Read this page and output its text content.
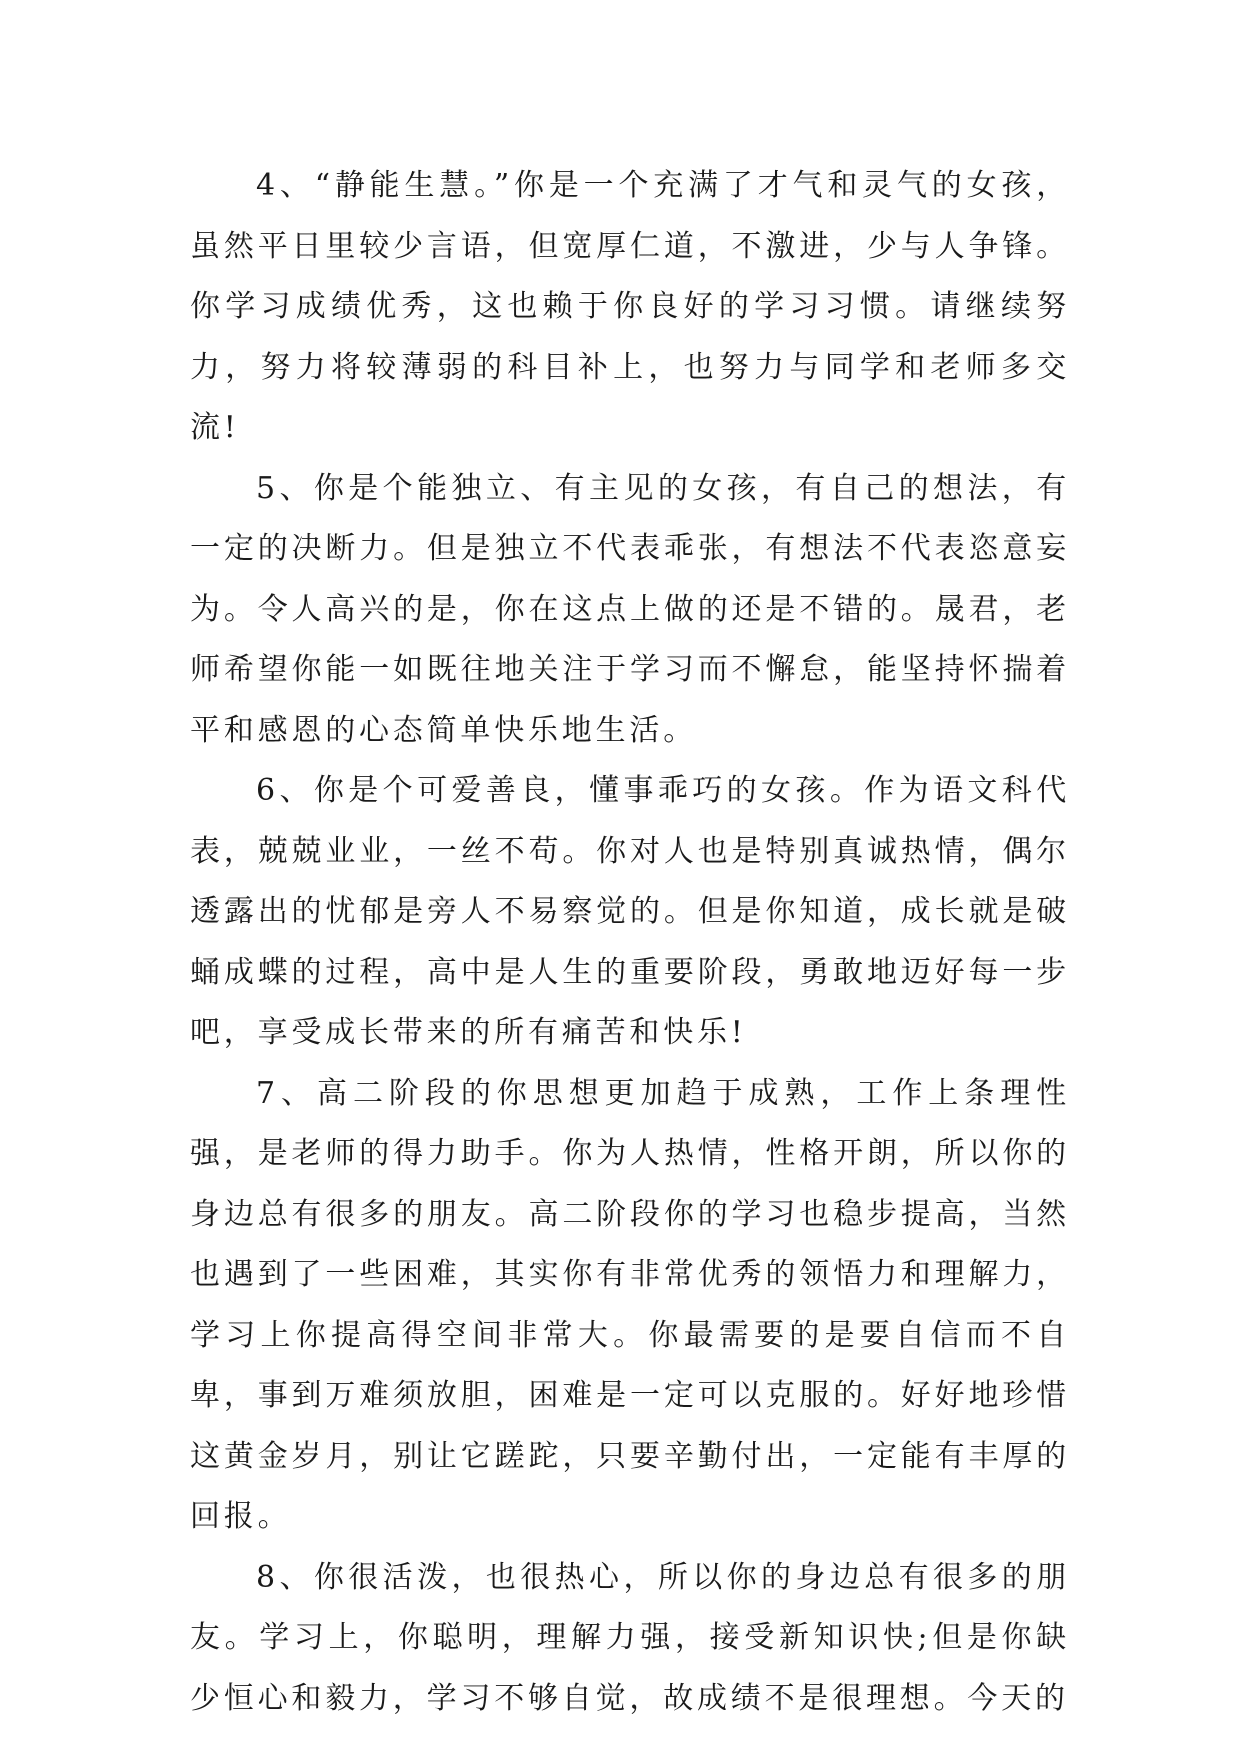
4、“静能生慧。”你是一个充满了才气和灵气的女孩，虽然平日里较少言语，但宽厚仁道，不激进，少与人争锋。你学习成绩优秀，这也赖于你良好的学习习惯。请继续努力，努力将较薄弱的科目补上，也努力与同学和老师多交流!

5、你是个能独立、有主见的女孩，有自己的想法，有一定的决断力。但是独立不代表乖张，有想法不代表恣意妄为。令人高兴的是，你在这点上做的还是不错的。晟君，老师希望你能一如既往地关注于学习而不懈怠，能坚持怀揣着平和感恩的心态简单快乐地生活。

6、你是个可爱善良，懂事乖巧的女孩。作为语文科代表，兢兢业业，一丝不苟。你对人也是特别真诚热情，偶尔透露出的忧郁是旁人不易察觉的。但是你知道，成长就是破蛹成蝶的过程，高中是人生的重要阶段，勇敢地迈好每一步吧，享受成长带来的所有痛苦和快乐!

7、高二阶段的你思想更加趋于成熟，工作上条理性强，是老师的得力助手。你为人热情，性格开朗，所以你的身边总有很多的朋友。高二阶段你的学习也稳步提高，当然也遇到了一些困难，其实你有非常优秀的领悟力和理解力，学习上你提高得空间非常大。你最需要的是要自信而不自卑，事到万难须放胆，困难是一定可以克服的。好好地珍惜这黄金岁月，别让它蹉跎，只要辛勤付出，一定能有丰厚的回报。

8、你很活泼，也很热心，所以你的身边总有很多的朋友。学习上，你聪明，理解力强，接受新知识快;但是你缺少恒心和毅力，学习不够自觉，故成绩不是很理想。今天的
